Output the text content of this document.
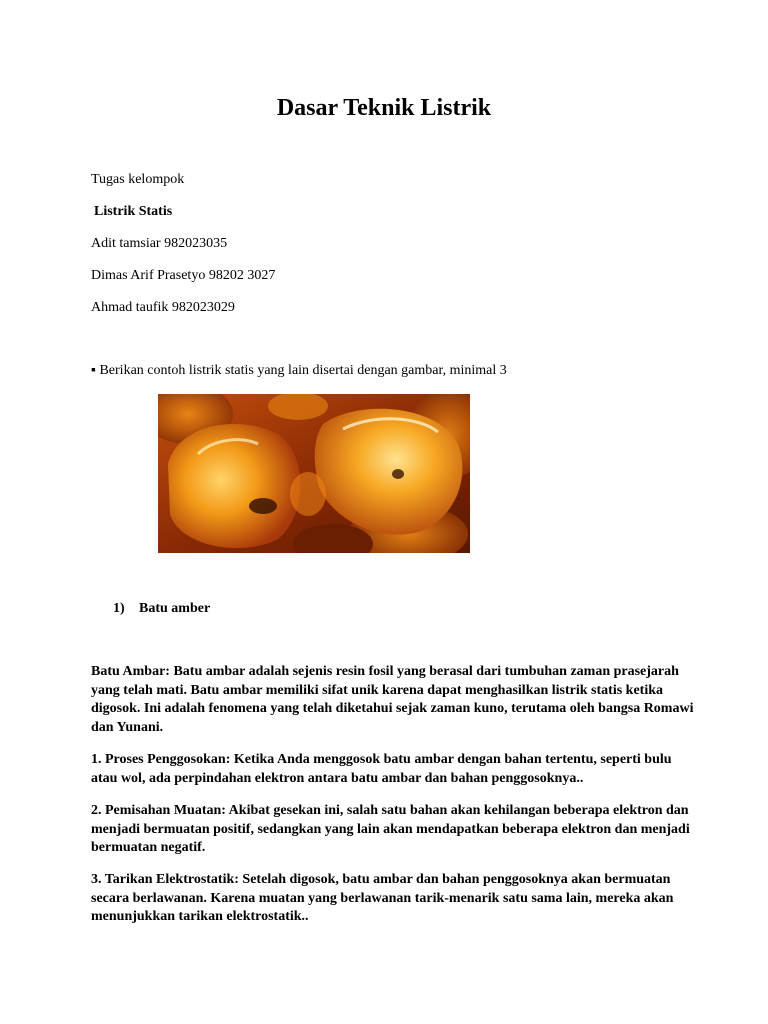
Dasar Teknik Listrik

Tugas kelompok

Listrik Statis

Adit tamsiar 982023035

Dimas Arif Prasetyo 98202 3027

Ahmad taufik 982023029

▪ Berikan contoh listrik statis yang lain disertai dengan gambar, minimal 3

1) Batu amber

Batu Ambar: Batu ambar adalah sejenis resin fosil yang berasal dari tumbuhan zaman prasejarah yang telah mati. Batu ambar memiliki sifat unik karena dapat menghasilkan listrik statis ketika digosok. Ini adalah fenomena yang telah diketahui sejak zaman kuno, terutama oleh bangsa Romawi dan Yunani.

1. Proses Penggosokan: Ketika Anda menggosok batu ambar dengan bahan tertentu, seperti bulu atau wol, ada perpindahan elektron antara batu ambar dan bahan penggosoknya..

2. Pemisahan Muatan: Akibat gesekan ini, salah satu bahan akan kehilangan beberapa elektron dan menjadi bermuatan positif, sedangkan yang lain akan mendapatkan beberapa elektron dan menjadi bermuatan negatif.

3. Tarikan Elektrostatik: Setelah digosok, batu ambar dan bahan penggosoknya akan bermuatan secara berlawanan. Karena muatan yang berlawanan tarik-menarik satu sama lain, mereka akan menunjukkan tarikan elektrostatik..
